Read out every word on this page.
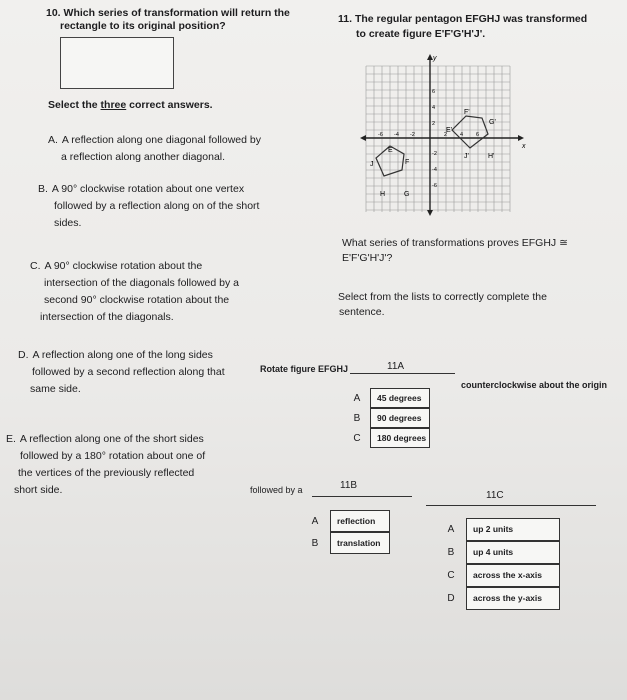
10. Which series of transformation will return the
rectangle to its original position?
Select the three correct answers.
A. A reflection along one diagonal followed by
a reflection along another diagonal.
B. A 90° clockwise rotation about one vertex
followed by a reflection along on of the short
sides.
C. A 90° clockwise rotation about the
intersection of the diagonals followed by a
second 90° clockwise rotation about the
intersection of the diagonals.
D. A reflection along one of the long sides
followed by a second reflection along that
same side.
E. A reflection along one of the short sides
followed by a 180° rotation about one of
the vertices of the previously reflected
short side.
11. The regular pentagon EFGHJ was transformed
to create figure E'F'G'H'J'.
y
x
6
4
2
-2
-4
-6
-6 -4 -2	2 4 6
E
F
G
H
J
E'
F'
G'
H'
J'
What series of transformations proves EFGHJ ≅
E'F'G'H'J'?
Select from the lists to correctly complete the
sentence.
Rotate figure EFGHJ	11A
counterclockwise about the origin
A	45 degrees
B	90 degrees
C	180 degrees
followed by a	11B
A	reflection
B	translation
11C
A	up 2 units
B	up 4 units
C	across the x-axis
D	across the y-axis
